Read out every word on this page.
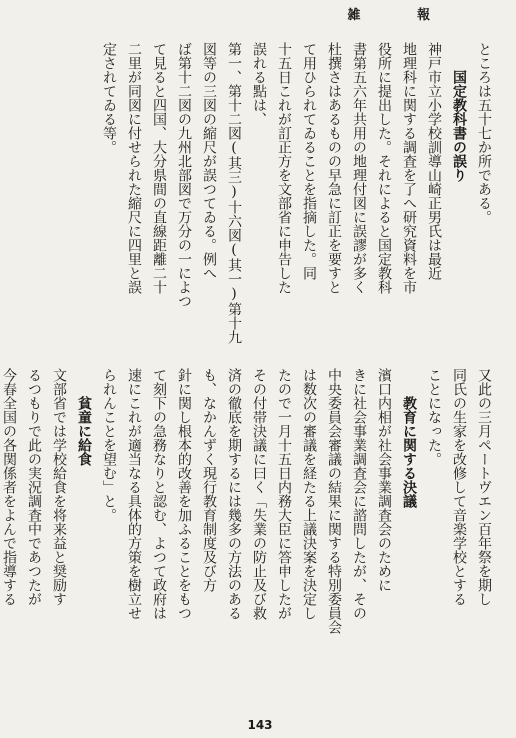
雑 報
ところは五十七か所である。
国定教科書の誤り
神戸市立小学校訓導山崎正男氏は最近
地理科に関する調査を了へ研究資料を市
役所に提出した。それによると国定教科
書第五六年共用の地理付図に誤謬が多く
杜撰さはあるものの早急に訂正を要すと
て用ひられてゐることを指摘した。同
十五日これが訂正方を文部省に申告した
誤れる點は、
第一、第十二図(其三)十六図(其一)第十九
図等の三図の縮尺が誤つてゐる。例へ
ば第十二図の九州北部図で万分の一によつ
て見ると四国、大分県間の直線距離二十
二里が同図に付せられた縮尺に四里と誤
定されてゐる等。
又此の三月ペートヴエン百年祭を期し
同氏の生家を改修して音楽学校とする
ことになった。
教育に関する決議
濱口内相が社会事業調査会のために
きに社会事業調査会に諮問したが、その
中央委員会審議の結果に関する特別委員会
は数次の審議を経たる上議決案を決定し
たので一月十五日内務大臣に答申したが
その付帯決議に曰く「失業の防止及び救
済の徹底を期するには幾多の方法のある
も、なかんずく現行教育制度及び方
針に関し根本的改善を加ふることをもつ
て刻下の急務なりと認む、よつて政府は
速にこれが適当なる具体的方策を樹立せ
られんことを望む」と。
貧童に給食
文部省では学校給食を将来益と奨励す
るつもりで此の実況調査中であつたが
今春全国の各関係者をよんで指導する
143
